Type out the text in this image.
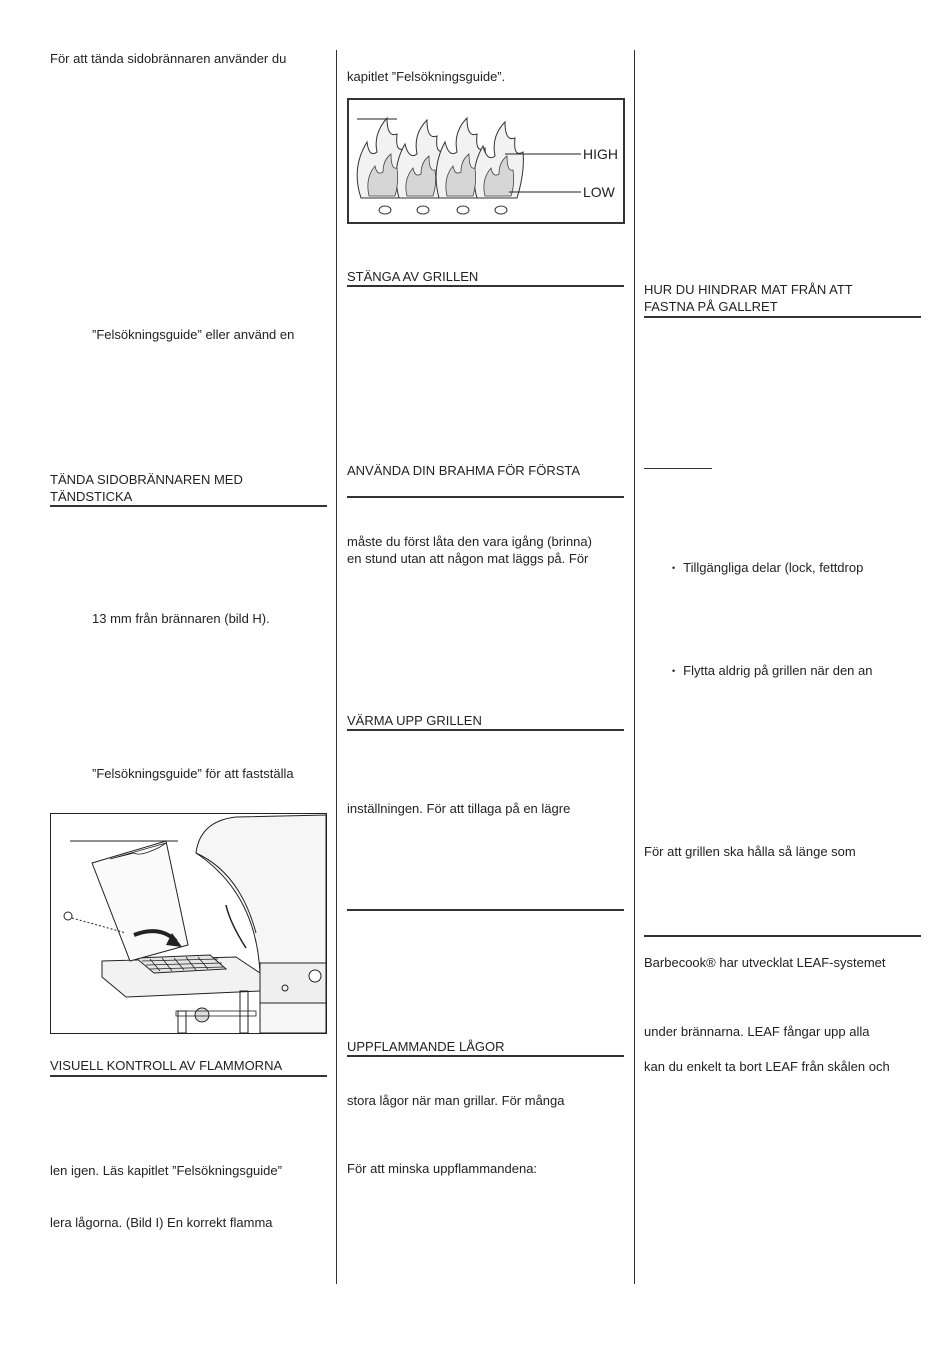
För att tända sidobrännaren använder du
”Felsökningsguide” eller använd en
TÄNDA SIDOBRÄNNAREN MED
TÄNDSTICKA
13 mm från brännaren (bild H).
”Felsökningsguide” för att fastställa
VISUELL KONTROLL AV FLAMMORNA
len igen. Läs kapitlet ”Felsökningsguide”
lera lågorna. (Bild I) En korrekt flamma
kapitlet ”Felsökningsguide”.
HIGH
LOW
STÄNGA AV GRILLEN
ANVÄNDA DIN BRAHMA FÖR FÖRSTA
måste du först låta den vara igång (brinna)
en stund utan att någon mat läggs på. För
VÄRMA UPP GRILLEN
inställningen. För att tillaga på en lägre
UPPFLAMMANDE LÅGOR
stora lågor när man grillar. För många
För att minska uppflammandena:
HUR DU HINDRAR MAT FRÅN ATT
FASTNA PÅ GALLRET
• Tillgängliga delar (lock, fettdrop
• Flytta aldrig på grillen när den an
För att grillen ska hålla så länge som
Barbecook® har utvecklat LEAF-systemet
under brännarna. LEAF fångar upp alla
kan du enkelt ta bort LEAF från skålen och
